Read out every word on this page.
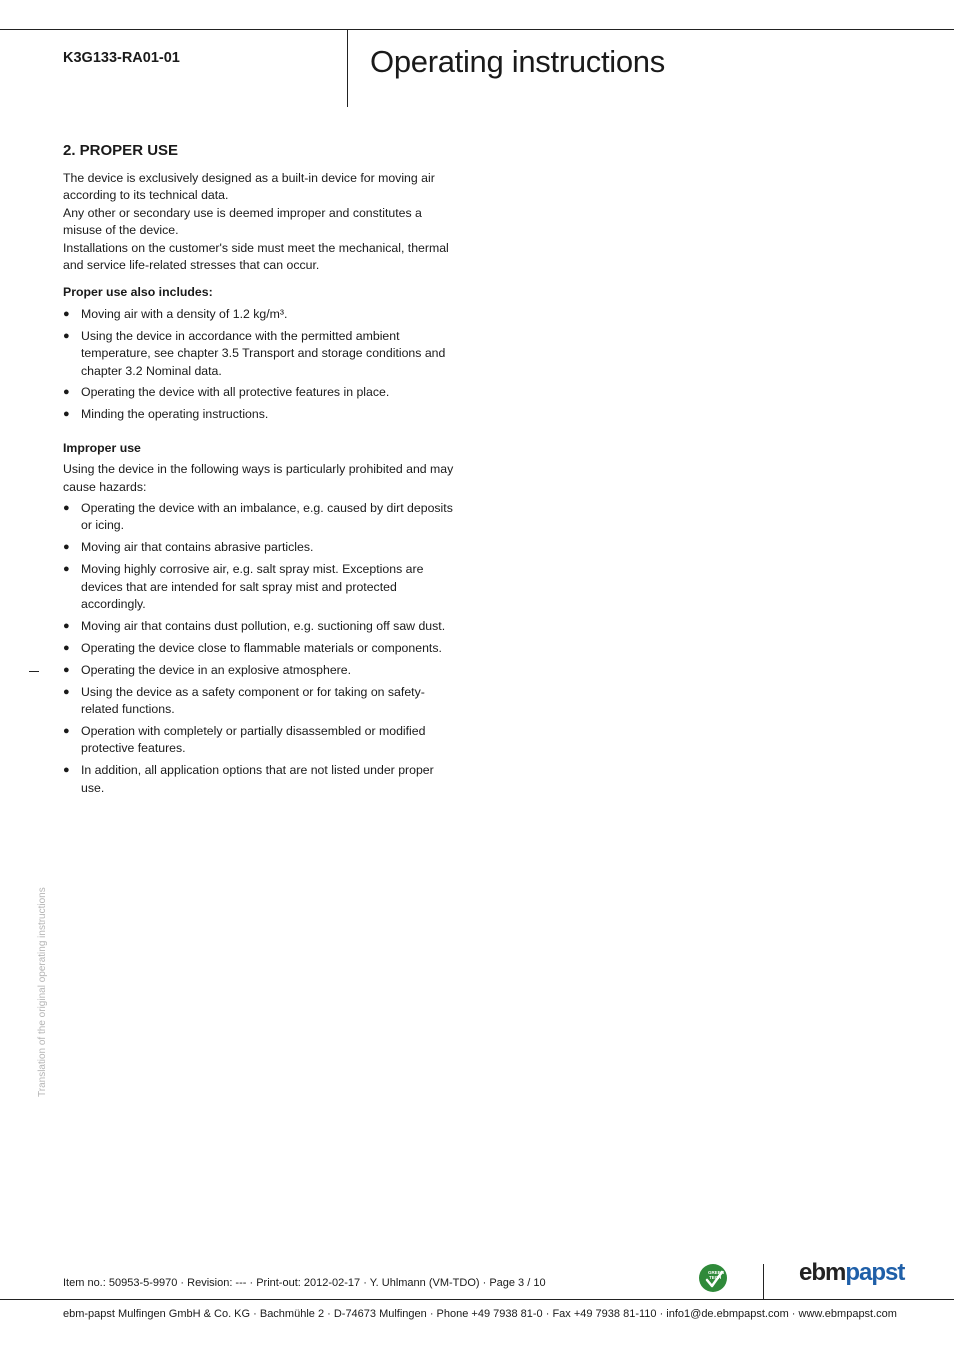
K3G133-RA01-01	Operating instructions
2. PROPER USE

The device is exclusively designed as a built-in device for moving air according to its technical data.

Any other or secondary use is deemed improper and constitutes a misuse of the device.

Installations on the customer's side must meet the mechanical, thermal and service life-related stresses that can occur.

Proper use also includes:
● Moving air with a density of 1.2 kg/m³.
● Using the device in accordance with the permitted ambient temperature, see chapter 3.5 Transport and storage conditions and chapter 3.2 Nominal data.
● Operating the device with all protective features in place.
● Minding the operating instructions.
Improper use

Using the device in the following ways is particularly prohibited and may cause hazards:

● Operating the device with an imbalance, e.g. caused by dirt deposits or icing.
● Moving air that contains abrasive particles.
● Moving highly corrosive air, e.g. salt spray mist. Exceptions are devices that are intended for salt spray mist and protected accordingly.
● Moving air that contains dust pollution, e.g. suctioning off saw dust.
● Operating the device close to flammable materials or components.
● Operating the device in an explosive atmosphere.
● Using the device as a safety component or for taking on safety-related functions.
● Operation with completely or partially disassembled or modified protective features.
● In addition, all application options that are not listed under proper use.
Translation of the original operating instructions
Item no.: 50953-5-9970 · Revision: --- · Print-out: 2012-02-17 · Y. Uhlmann (VM-TDO) · Page 3 / 10
GREEN
TECH	ebmpapst
ebm-papst Mulfingen GmbH & Co. KG · Bachmühle 2 · D-74673 Mulfingen · Phone +49 7938 81-0 · Fax +49 7938 81-110 · info1@de.ebmpapst.com · www.ebmpapst.com
